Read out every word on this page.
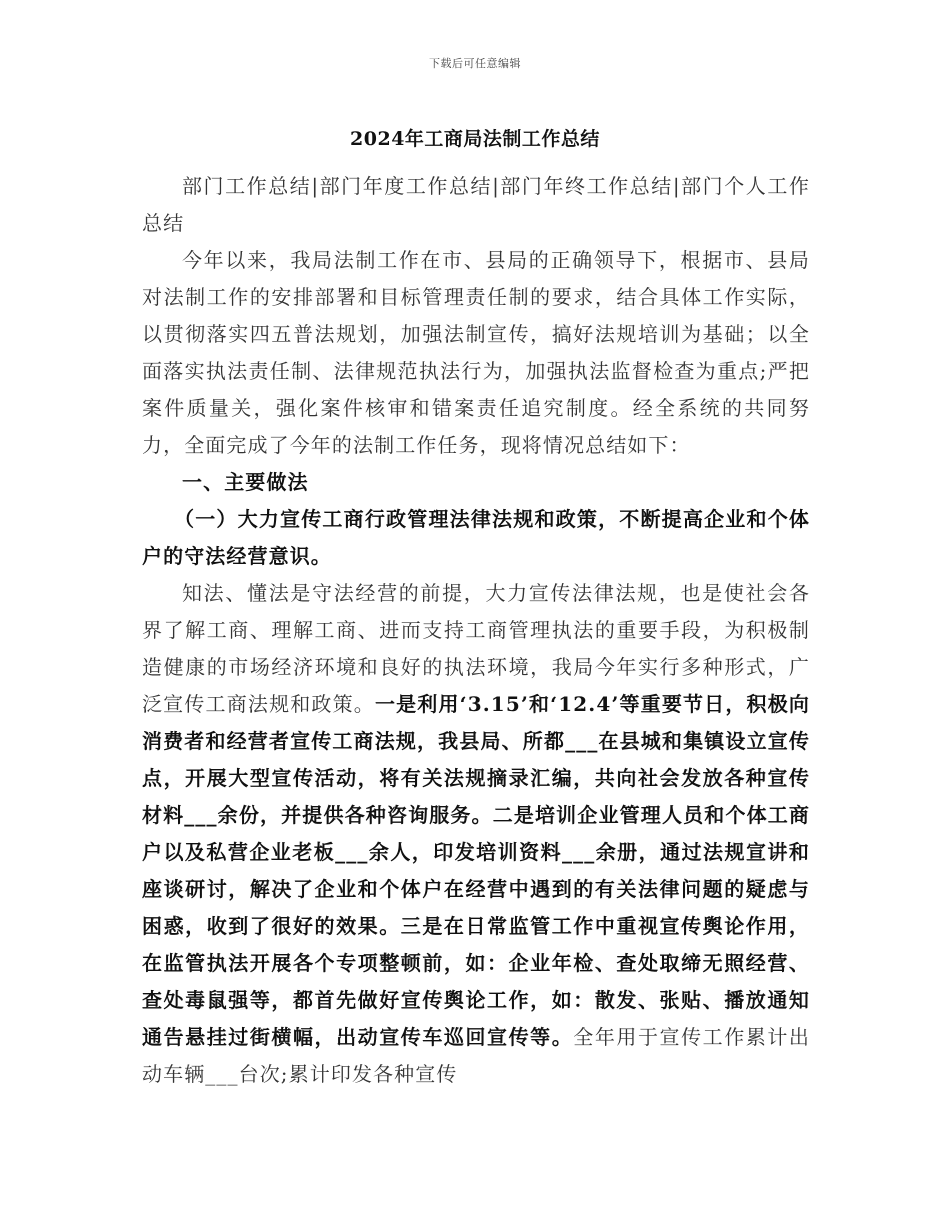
下载后可任意编辑
2024年工商局法制工作总结

部门工作总结|部门年度工作总结|部门年终工作总结|部门个人工作总结

今年以来，我局法制工作在市、县局的正确领导下，根据市、县局对法制工作的安排部署和目标管理责任制的要求，结合具体工作实际，以贯彻落实四五普法规划，加强法制宣传，搞好法规培训为基础；以全面落实执法责任制、法律规范执法行为，加强执法监督检查为重点;严把案件质量关，强化案件核审和错案责任追究制度。经全系统的共同努力，全面完成了今年的法制工作任务，现将情况总结如下：

一、主要做法

（一）大力宣传工商行政管理法律法规和政策，不断提高企业和个体户的守法经营意识。

知法、懂法是守法经营的前提，大力宣传法律法规，也是使社会各界了解工商、理解工商、进而支持工商管理执法的重要手段，为积极制造健康的市场经济环境和良好的执法环境，我局今年实行多种形式，广泛宣传工商法规和政策。一是利用‘3.15’和‘12.4’等重要节日，积极向消费者和经营者宣传工商法规，我县局、所都___在县城和集镇设立宣传点，开展大型宣传活动，将有关法规摘录汇编，共向社会发放各种宣传材料___余份，并提供各种咨询服务。二是培训企业管理人员和个体工商户以及私营企业老板___余人，印发培训资料___余册，通过法规宣讲和座谈研讨，解决了企业和个体户在经营中遇到的有关法律问题的疑虑与困惑，收到了很好的效果。三是在日常监管工作中重视宣传舆论作用，在监管执法开展各个专项整顿前，如：企业年检、查处取缔无照经营、查处毒鼠强等，都首先做好宣传舆论工作，如：散发、张贴、播放通知通告悬挂过街横幅，出动宣传车巡回宣传等。全年用于宣传工作累计出动车辆___台次;累计印发各种宣传
